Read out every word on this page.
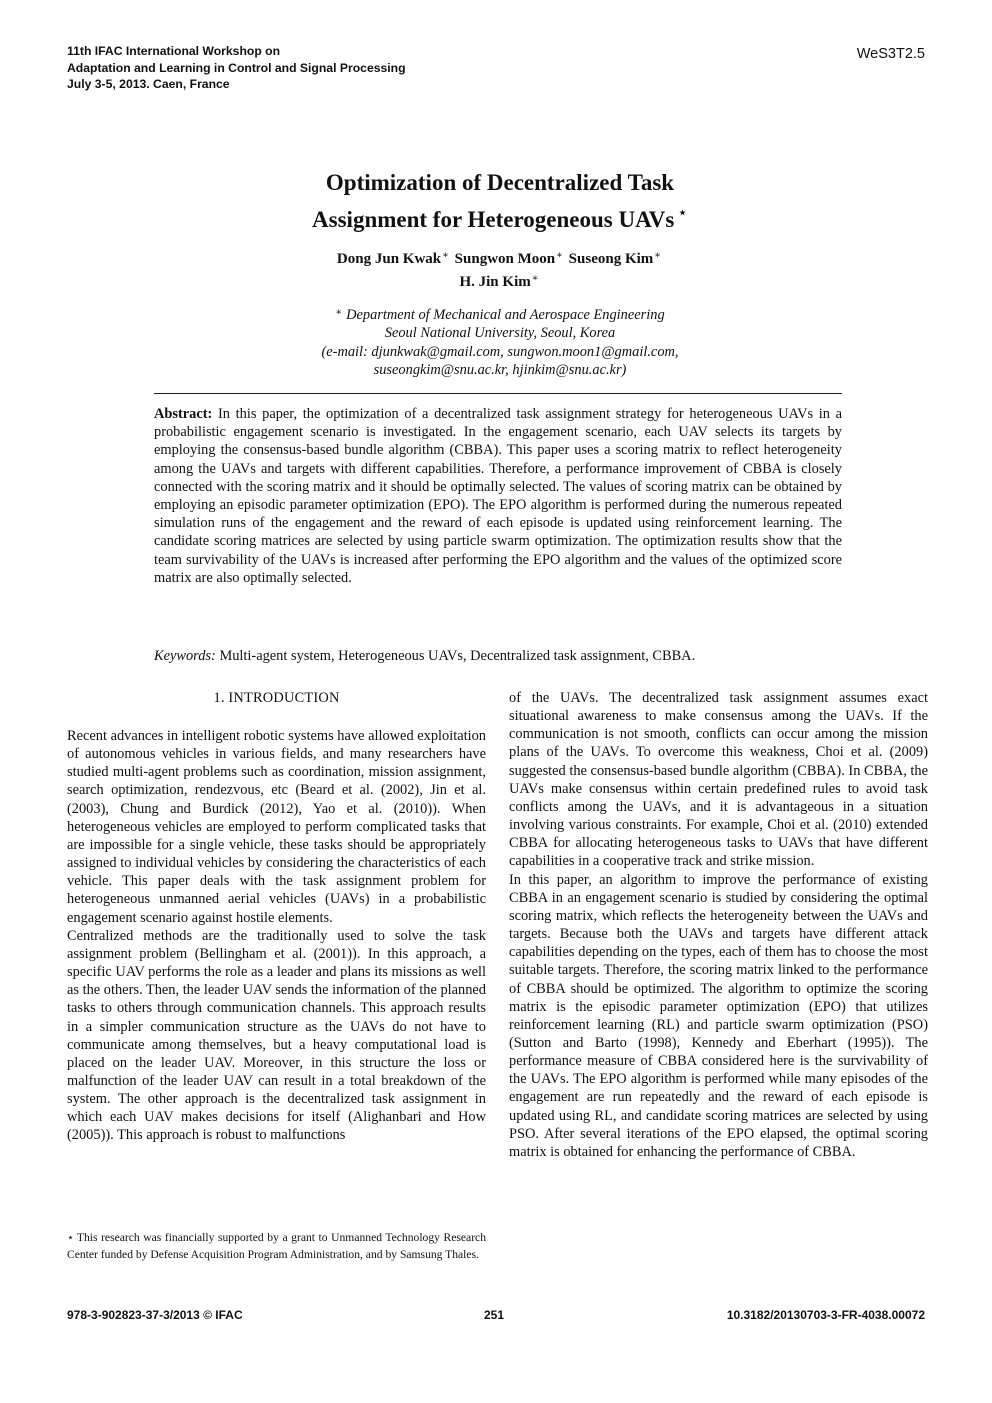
11th IFAC International Workshop on
Adaptation and Learning in Control and Signal Processing
July 3-5, 2013. Caen, France
WeS3T2.5
Optimization of Decentralized Task
Assignment for Heterogeneous UAVs ⋆
Dong Jun Kwak∗ Sungwon Moon∗ Suseong Kim∗
H. Jin Kim∗
∗ Department of Mechanical and Aerospace Engineering
Seoul National University, Seoul, Korea
(e-mail: djunkwak@gmail.com, sungwon.moon1@gmail.com,
suseongkim@snu.ac.kr, hjinkim@snu.ac.kr)

Abstract: In this paper, the optimization of a decentralized task assignment strategy for heterogeneous UAVs in a probabilistic engagement scenario is investigated. In the engagement scenario, each UAV selects its targets by employing the consensus-based bundle algorithm (CBBA). This paper uses a scoring matrix to reflect heterogeneity among the UAVs and targets with different capabilities. Therefore, a performance improvement of CBBA is closely connected with the scoring matrix and it should be optimally selected. The values of scoring matrix can be obtained by employing an episodic parameter optimization (EPO). The EPO algorithm is performed during the numerous repeated simulation runs of the engagement and the reward of each episode is updated using reinforcement learning. The candidate scoring matrices are selected by using particle swarm optimization. The optimization results show that the team survivability of the UAVs is increased after performing the EPO algorithm and the values of the optimized score matrix are also optimally selected.

Keywords: Multi-agent system, Heterogeneous UAVs, Decentralized task assignment, CBBA.

1. INTRODUCTION

Recent advances in intelligent robotic systems have allowed exploitation of autonomous vehicles in various fields, and many researchers have studied multi-agent problems such as coordination, mission assignment, search optimization, rendezvous, etc (Beard et al. (2002), Jin et al. (2003), Chung and Burdick (2012), Yao et al. (2010)). When heterogeneous vehicles are employed to perform complicated tasks that are impossible for a single vehicle, these tasks should be appropriately assigned to individual vehicles by considering the characteristics of each vehicle. This paper deals with the task assignment problem for heterogeneous unmanned aerial vehicles (UAVs) in a probabilistic engagement scenario against hostile elements.

Centralized methods are the traditionally used to solve the task assignment problem (Bellingham et al. (2001)). In this approach, a specific UAV performs the role as a leader and plans its missions as well as the others. Then, the leader UAV sends the information of the planned tasks to others through communication channels. This approach results in a simpler communication structure as the UAVs do not have to communicate among themselves, but a heavy computational load is placed on the leader UAV. Moreover, in this structure the loss or malfunction of the leader UAV can result in a total breakdown of the system. The other approach is the decentralized task assignment in which each UAV makes decisions for itself (Alighanbari and How (2005)). This approach is robust to malfunctions

of the UAVs. The decentralized task assignment assumes exact situational awareness to make consensus among the UAVs. If the communication is not smooth, conflicts can occur among the mission plans of the UAVs. To overcome this weakness, Choi et al. (2009) suggested the consensus-based bundle algorithm (CBBA). In CBBA, the UAVs make consensus within certain predefined rules to avoid task conflicts among the UAVs, and it is advantageous in a situation involving various constraints. For example, Choi et al. (2010) extended CBBA for allocating heterogeneous tasks to UAVs that have different capabilities in a cooperative track and strike mission.

In this paper, an algorithm to improve the performance of existing CBBA in an engagement scenario is studied by considering the optimal scoring matrix, which reflects the heterogeneity between the UAVs and targets. Because both the UAVs and targets have different attack capabilities depending on the types, each of them has to choose the most suitable targets. Therefore, the scoring matrix linked to the performance of CBBA should be optimized. The algorithm to optimize the scoring matrix is the episodic parameter optimization (EPO) that utilizes reinforcement learning (RL) and particle swarm optimization (PSO) (Sutton and Barto (1998), Kennedy and Eberhart (1995)). The performance measure of CBBA considered here is the survivability of the UAVs. The EPO algorithm is performed while many episodes of the engagement are run repeatedly and the reward of each episode is updated using RL, and candidate scoring matrices are selected by using PSO. After several iterations of the EPO elapsed, the optimal scoring matrix is obtained for enhancing the performance of CBBA.

⋆ This research was financially supported by a grant to Unmanned Technology Research Center funded by Defense Acquisition Program Administration, and by Samsung Thales.

978-3-902823-37-3/2013 © IFAC	251	10.3182/20130703-3-FR-4038.00072
